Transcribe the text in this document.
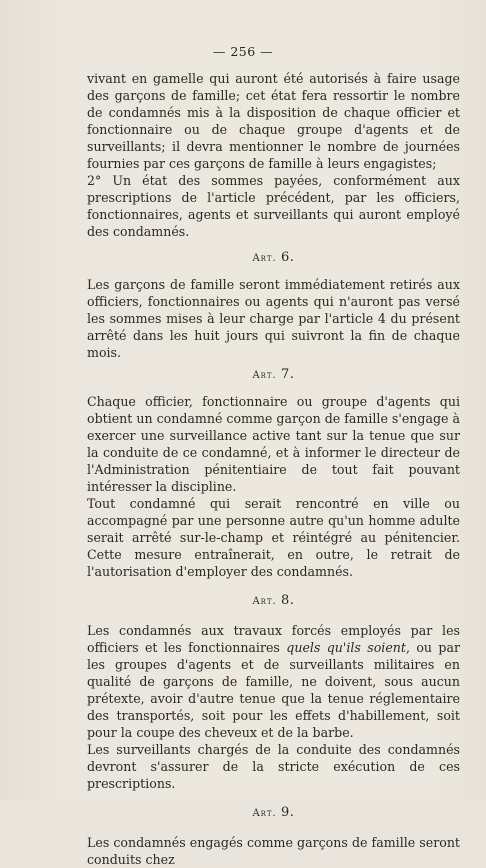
— 256 —

vivant en gamelle qui auront été autorisés à faire usage des garçons de famille; cet état fera ressortir le nombre de condamnés mis à la disposition de chaque officier et fonctionnaire ou de chaque groupe d'agents et de surveillants; il devra mentionner le nombre de journées fournies par ces garçons de famille à leurs engagistes;

2° Un état des sommes payées, conformément aux prescriptions de l'article précédent, par les officiers, fonctionnaires, agents et surveillants qui auront employé des condamnés.

Art. 6.

Les garçons de famille seront immédiatement retirés aux officiers, fonctionnaires ou agents qui n'auront pas versé les sommes mises à leur charge par l'article 4 du présent arrêté dans les huit jours qui suivront la fin de chaque mois.

Art. 7.

Chaque officier, fonctionnaire ou groupe d'agents qui obtient un condamné comme garçon de famille s'engage à exercer une surveillance active tant sur la tenue que sur la conduite de ce condamné, et à informer le directeur de l'Administration pénitentiaire de tout fait pouvant intéresser la discipline.

Tout condamné qui serait rencontré en ville ou accompagné par une personne autre qu'un homme adulte serait arrêté sur-le-champ et réintégré au pénitencier. Cette mesure entraînerait, en outre, le retrait de l'autorisation d'employer des condamnés.

Art. 8.

Les condamnés aux travaux forcés employés par les officiers et les fonctionnaires quels qu'ils soient, ou par les groupes d'agents et de surveillants militaires en qualité de garçons de famille, ne doivent, sous aucun prétexte, avoir d'autre tenue que la tenue réglementaire des transportés, soit pour les effets d'habillement, soit pour la coupe des cheveux et de la barbe.

Les surveillants chargés de la conduite des condamnés devront s'assurer de la stricte exécution de ces prescriptions.

Art. 9.

Les condamnés engagés comme garçons de famille seront conduits chez
